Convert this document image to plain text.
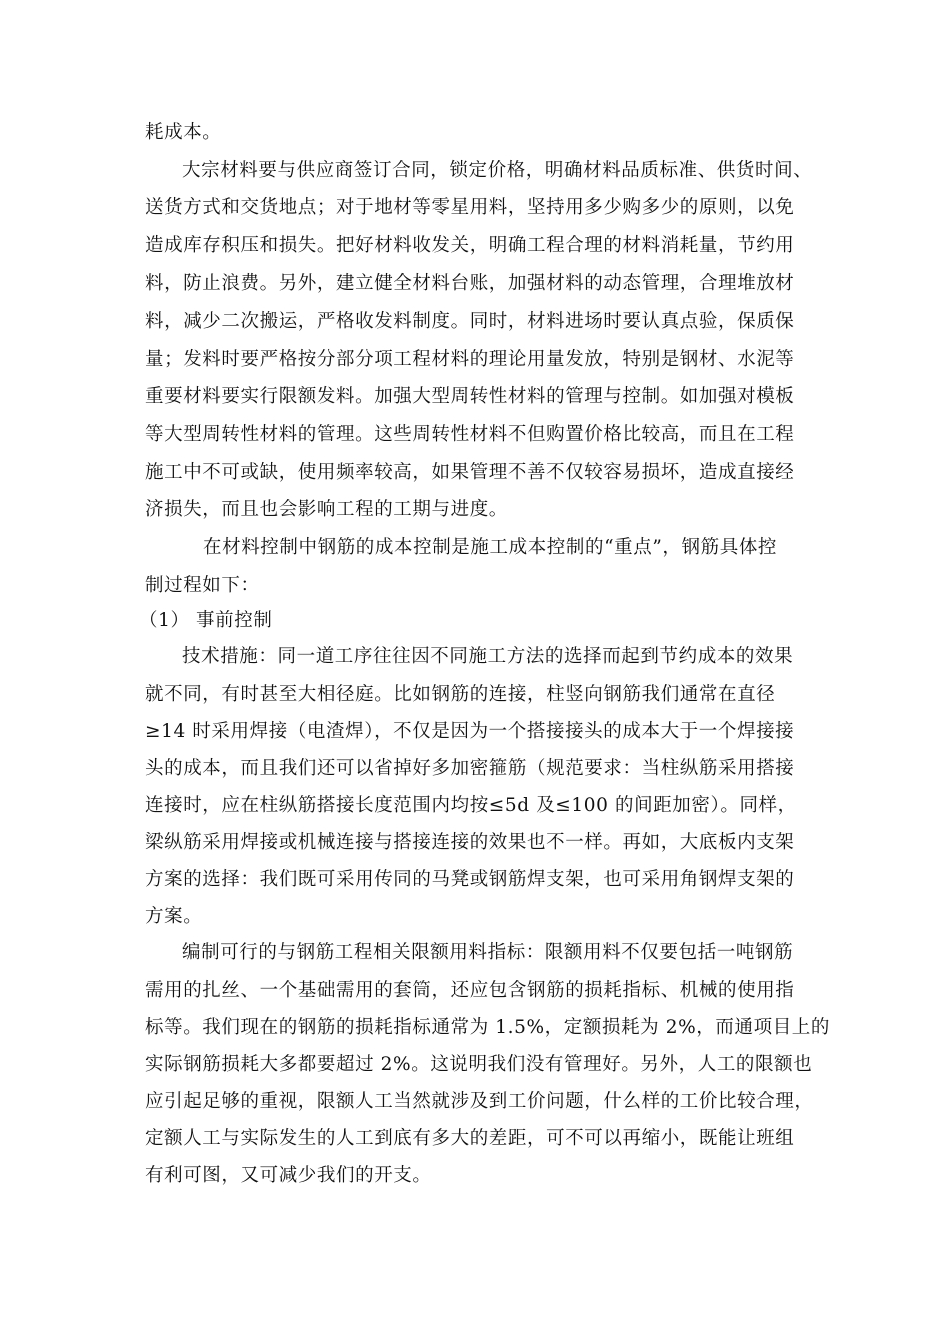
耗成本。
大宗材料要与供应商签订合同，锁定价格，明确材料品质标准、供货时间、
送货方式和交货地点；对于地材等零星用料，坚持用多少购多少的原则，以免
造成库存积压和损失。把好材料收发关，明确工程合理的材料消耗量，节约用
料，防止浪费。另外，建立健全材料台账，加强材料的动态管理，合理堆放材
料，减少二次搬运，严格收发料制度。同时，材料进场时要认真点验，保质保
量；发料时要严格按分部分项工程材料的理论用量发放，特别是钢材、水泥等
重要材料要实行限额发料。加强大型周转性材料的管理与控制。如加强对模板
等大型周转性材料的管理。这些周转性材料不但购置价格比较高，而且在工程
施工中不可或缺，使用频率较高，如果管理不善不仅较容易损坏，造成直接经
济损失，而且也会影响工程的工期与进度。
在材料控制中钢筋的成本控制是施工成本控制的“重点”，钢筋具体控
制过程如下：
（1） 事前控制
技术措施：同一道工序往往因不同施工方法的选择而起到节约成本的效果
就不同，有时甚至大相径庭。比如钢筋的连接，柱竖向钢筋我们通常在直径
≥14 时采用焊接（电渣焊），不仅是因为一个搭接接头的成本大于一个焊接接
头的成本，而且我们还可以省掉好多加密箍筋（规范要求：当柱纵筋采用搭接
连接时，应在柱纵筋搭接长度范围内均按≤5d 及≤100 的间距加密）。同样，
梁纵筋采用焊接或机械连接与搭接连接的效果也不一样。再如，大底板内支架
方案的选择：我们既可采用传同的马凳或钢筋焊支架，也可采用角钢焊支架的
方案。
编制可行的与钢筋工程相关限额用料指标：限额用料不仅要包括一吨钢筋
需用的扎丝、一个基础需用的套筒，还应包含钢筋的损耗指标、机械的使用指
标等。我们现在的钢筋的损耗指标通常为 1.5%，定额损耗为 2%，而通项目上的
实际钢筋损耗大多都要超过 2%。这说明我们没有管理好。另外，人工的限额也
应引起足够的重视，限额人工当然就涉及到工价问题，什么样的工价比较合理，
定额人工与实际发生的人工到底有多大的差距，可不可以再缩小，既能让班组
有利可图，又可减少我们的开支。
